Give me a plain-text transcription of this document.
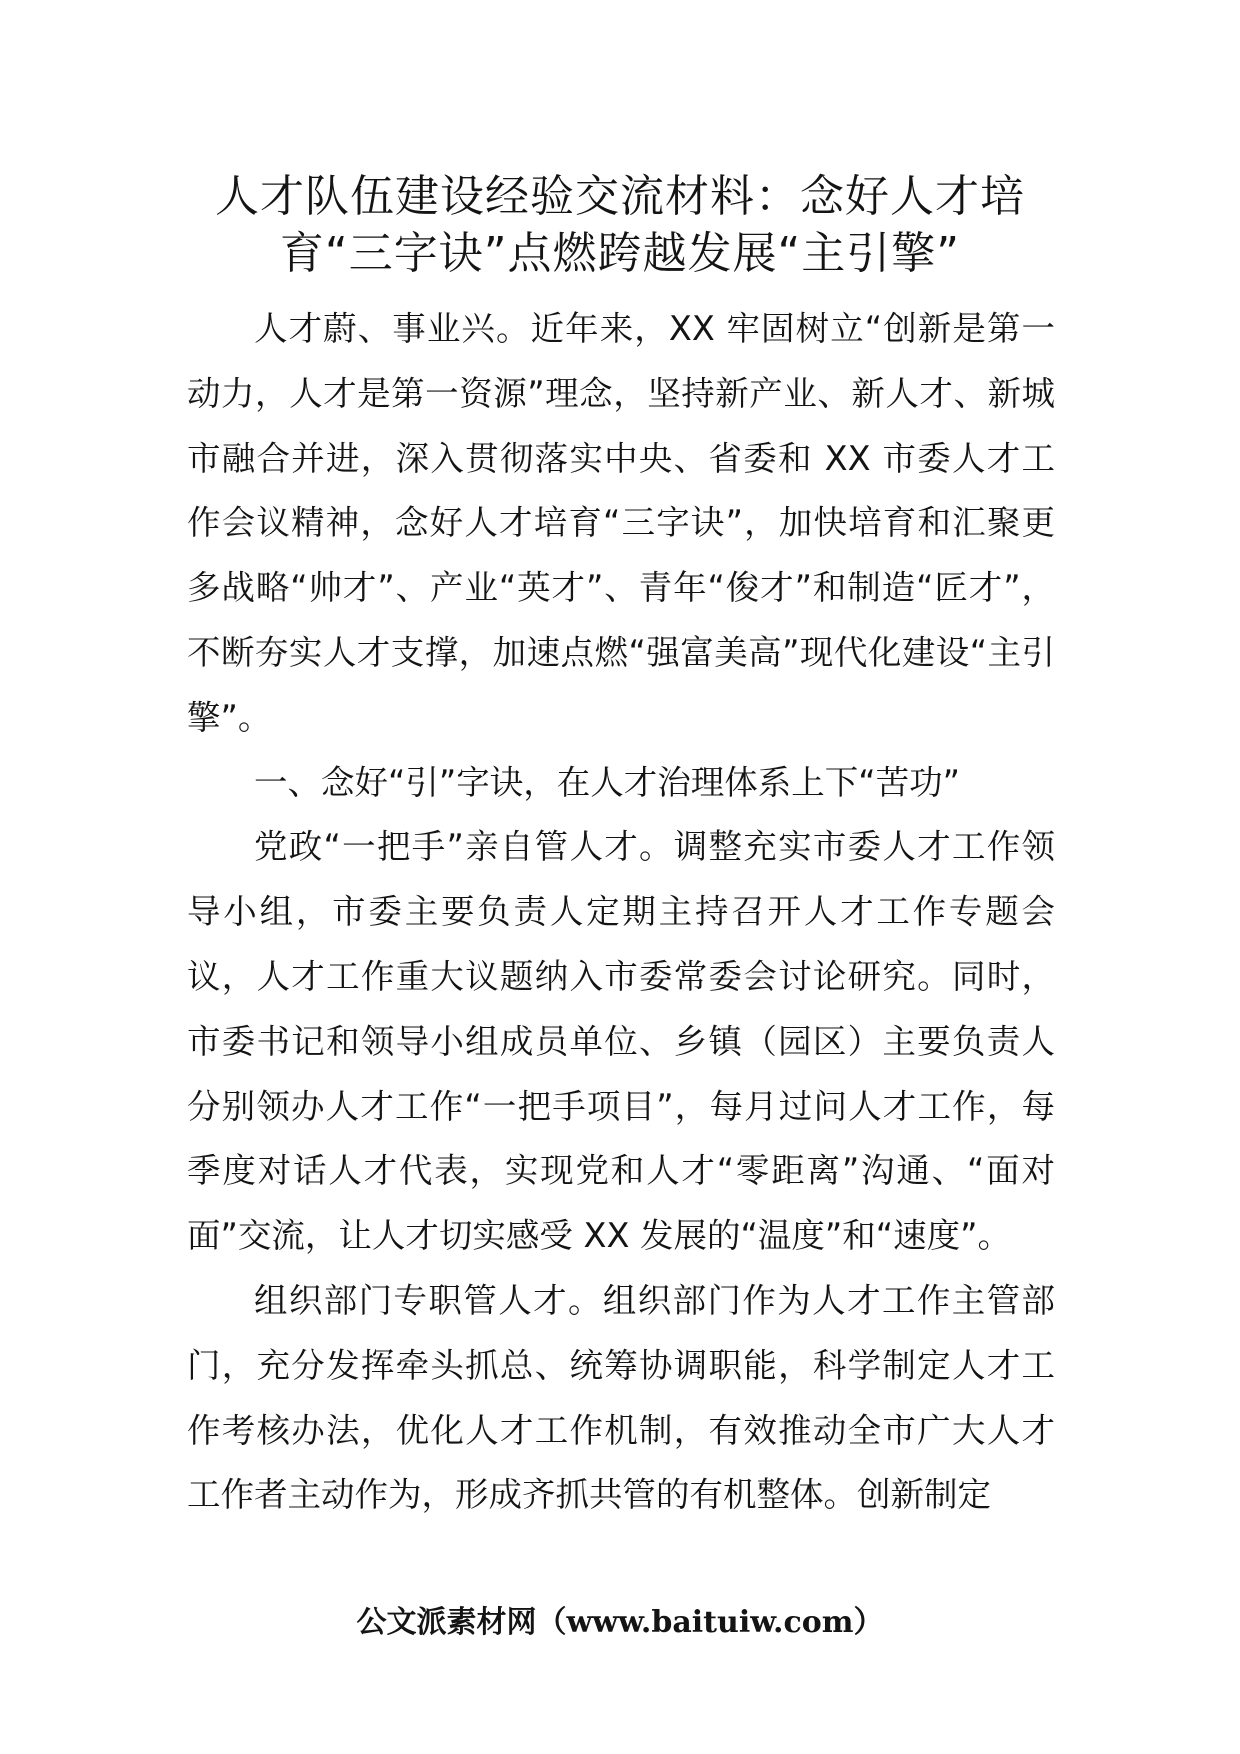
人才队伍建设经验交流材料：念好人才培
育“三字诀”点燃跨越发展“主引擎”

人才蔚、事业兴。近年来，XX 牢固树立“创新是第一动力，人才是第一资源”理念，坚持新产业、新人才、新城市融合并进，深入贯彻落实中央、省委和 XX 市委人才工作会议精神，念好人才培育“三字诀”，加快培育和汇聚更多战略“帅才”、产业“英才”、青年“俊才”和制造“匠才”，不断夯实人才支撑，加速点燃“强富美高”现代化建设“主引擎”。

一、念好“引”字诀，在人才治理体系上下“苦功”

党政“一把手”亲自管人才。调整充实市委人才工作领导小组，市委主要负责人定期主持召开人才工作专题会议，人才工作重大议题纳入市委常委会讨论研究。同时，市委书记和领导小组成员单位、乡镇（园区）主要负责人分别领办人才工作“一把手项目”，每月过问人才工作，每季度对话人才代表，实现党和人才“零距离”沟通、“面对面”交流，让人才切实感受 XX 发展的“温度”和“速度”。

组织部门专职管人才。组织部门作为人才工作主管部门，充分发挥牵头抓总、统筹协调职能，科学制定人才工作考核办法，优化人才工作机制，有效推动全市广大人才工作者主动作为，形成齐抓共管的有机整体。创新制定

公文派素材网（www.baituiw.com）
